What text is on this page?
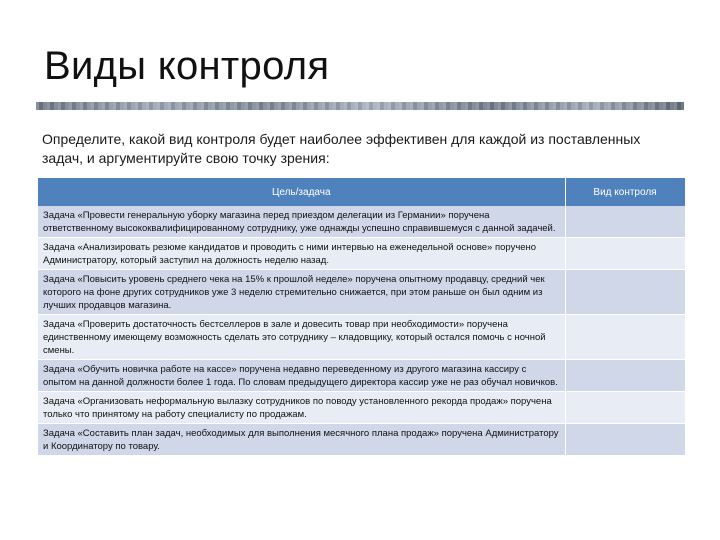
Виды контроля

Определите, какой вид контроля будет наиболее эффективен для каждой из поставленных задач, и аргументируйте свою точку зрения:

Цель/задача	Вид контроля
Задача «Провести генеральную уборку магазина перед приездом делегации из Германии» поручена ответственному высококвалифицированному сотруднику, уже однажды успешно справившемуся с данной задачей.	
Задача «Анализировать резюме кандидатов и проводить с ними интервью на еженедельной основе» поручено Администратору, который заступил на должность неделю назад.	
Задача «Повысить уровень среднего чека на 15% к прошлой неделе» поручена опытному продавцу, средний чек которого на фоне других сотрудников уже 3 неделю стремительно снижается, при этом раньше он был одним из лучших продавцов магазина.	
Задача «Проверить достаточность бестселлеров в зале и довесить товар при необходимости» поручена единственному имеющему возможность сделать это сотруднику – кладовщику, который остался помочь с ночной смены.	
Задача «Обучить новичка работе на кассе» поручена недавно переведенному из другого магазина кассиру с опытом на данной должности более 1 года. По словам предыдущего директора кассир уже не раз обучал новичков.	
Задача «Организовать неформальную вылазку сотрудников по поводу установленного рекорда продаж» поручена только что принятому на работу специалисту по продажам.	
Задача «Составить план задач, необходимых для выполнения месячного плана продаж» поручена Администратору и Координатору по товару.	
